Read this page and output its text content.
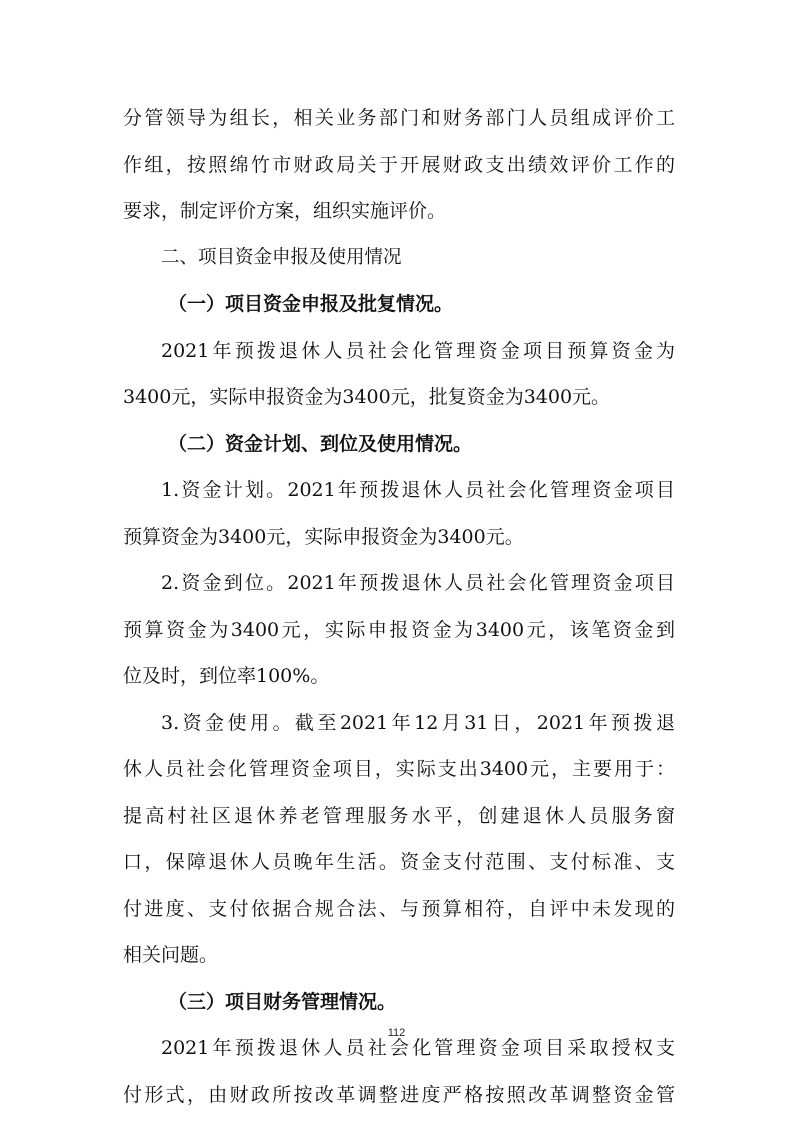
分管领导为组长，相关业务部门和财务部门人员组成评价工
作组，按照绵竹市财政局关于开展财政支出绩效评价工作的
要求，制定评价方案，组织实施评价。
二、项目资金申报及使用情况
（一）项目资金申报及批复情况。
2021年预拨退休人员社会化管理资金项目预算资金为
3400元，实际申报资金为3400元，批复资金为3400元。
（二）资金计划、到位及使用情况。
1.资金计划。2021年预拨退休人员社会化管理资金项目
预算资金为3400元，实际申报资金为3400元。
2.资金到位。2021年预拨退休人员社会化管理资金项目
预算资金为3400元，实际申报资金为3400元，该笔资金到
位及时，到位率100%。
3.资金使用。截至2021年12月31日，2021年预拨退
休人员社会化管理资金项目，实际支出3400元，主要用于：
提高村社区退休养老管理服务水平，创建退休人员服务窗
口，保障退休人员晚年生活。资金支付范围、支付标准、支
付进度、支付依据合规合法、与预算相符，自评中未发现的
相关问题。
（三）项目财务管理情况。
2021年预拨退休人员社会化管理资金项目采取授权支
付形式，由财政所按改革调整进度严格按照改革调整资金管
112
